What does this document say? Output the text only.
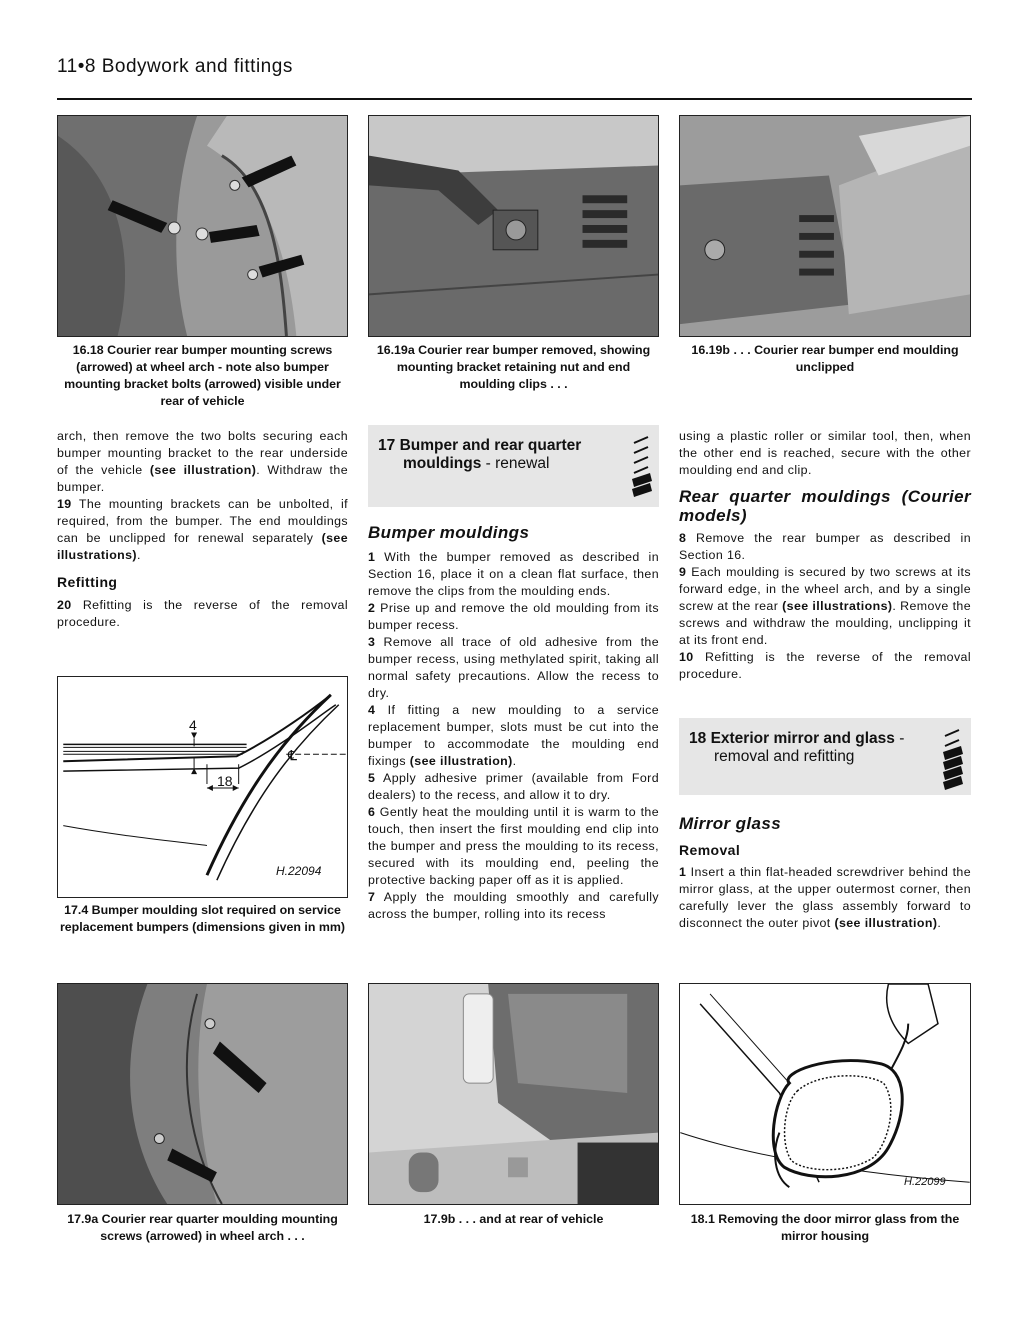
11•8 Bodywork and fittings
16.18 Courier rear bumper mounting screws (arrowed) at wheel arch - note also bumper mounting bracket bolts (arrowed) visible under rear of vehicle
16.19a Courier rear bumper removed, showing mounting bracket retaining nut and end moulding clips . . .
16.19b . . . Courier rear bumper end moulding unclipped

arch, then remove the two bolts securing each bumper mounting bracket to the rear underside of the vehicle (see illustration). Withdraw the bumper.

19 The mounting brackets can be unbolted, if required, from the bumper. The end mouldings can be unclipped for renewal separately (see illustrations).

Refitting

20 Refitting is the reverse of the removal procedure.

4
18
℄
H.22094
17.4 Bumper moulding slot required on service replacement bumpers (dimensions given in mm)
17 Bumper and rear quarter
mouldings - renewal

Bumper mouldings

1 With the bumper removed as described in Section 16, place it on a clean flat surface, then remove the clips from the moulding ends.

2 Prise up and remove the old moulding from its bumper recess.

3 Remove all trace of old adhesive from the bumper recess, using methylated spirit, taking all normal safety precautions. Allow the recess to dry.

4 If fitting a new moulding to a service replacement bumper, slots must be cut into the bumper to accommodate the moulding end fixings (see illustration).

5 Apply adhesive primer (available from Ford dealers) to the recess, and allow it to dry.

6 Gently heat the moulding until it is warm to the touch, then insert the first moulding end clip into the bumper and press the moulding to its recess, secured with its moulding end, peeling the protective backing paper off as it is applied.

7 Apply the moulding smoothly and carefully across the bumper, rolling into its recess

using a plastic roller or similar tool, then, when the other end is reached, secure with the other moulding end and clip.

Rear quarter mouldings (Courier models)

8 Remove the rear bumper as described in Section 16.

9 Each moulding is secured by two screws at its forward edge, in the wheel arch, and by a single screw at the rear (see illustrations). Remove the screws and withdraw the moulding, unclipping it at its front end.

10 Refitting is the reverse of the removal procedure.

18 Exterior mirror and glass -
removal and refitting

Mirror glass

Removal

1 Insert a thin flat-headed screwdriver behind the mirror glass, at the upper outermost corner, then carefully lever the glass assembly forward to disconnect the outer pivot (see illustration).

H.22099
17.9a Courier rear quarter moulding mounting screws (arrowed) in wheel arch . . .
17.9b . . . and at rear of vehicle	18.1 Removing the door mirror glass from the mirror housing
